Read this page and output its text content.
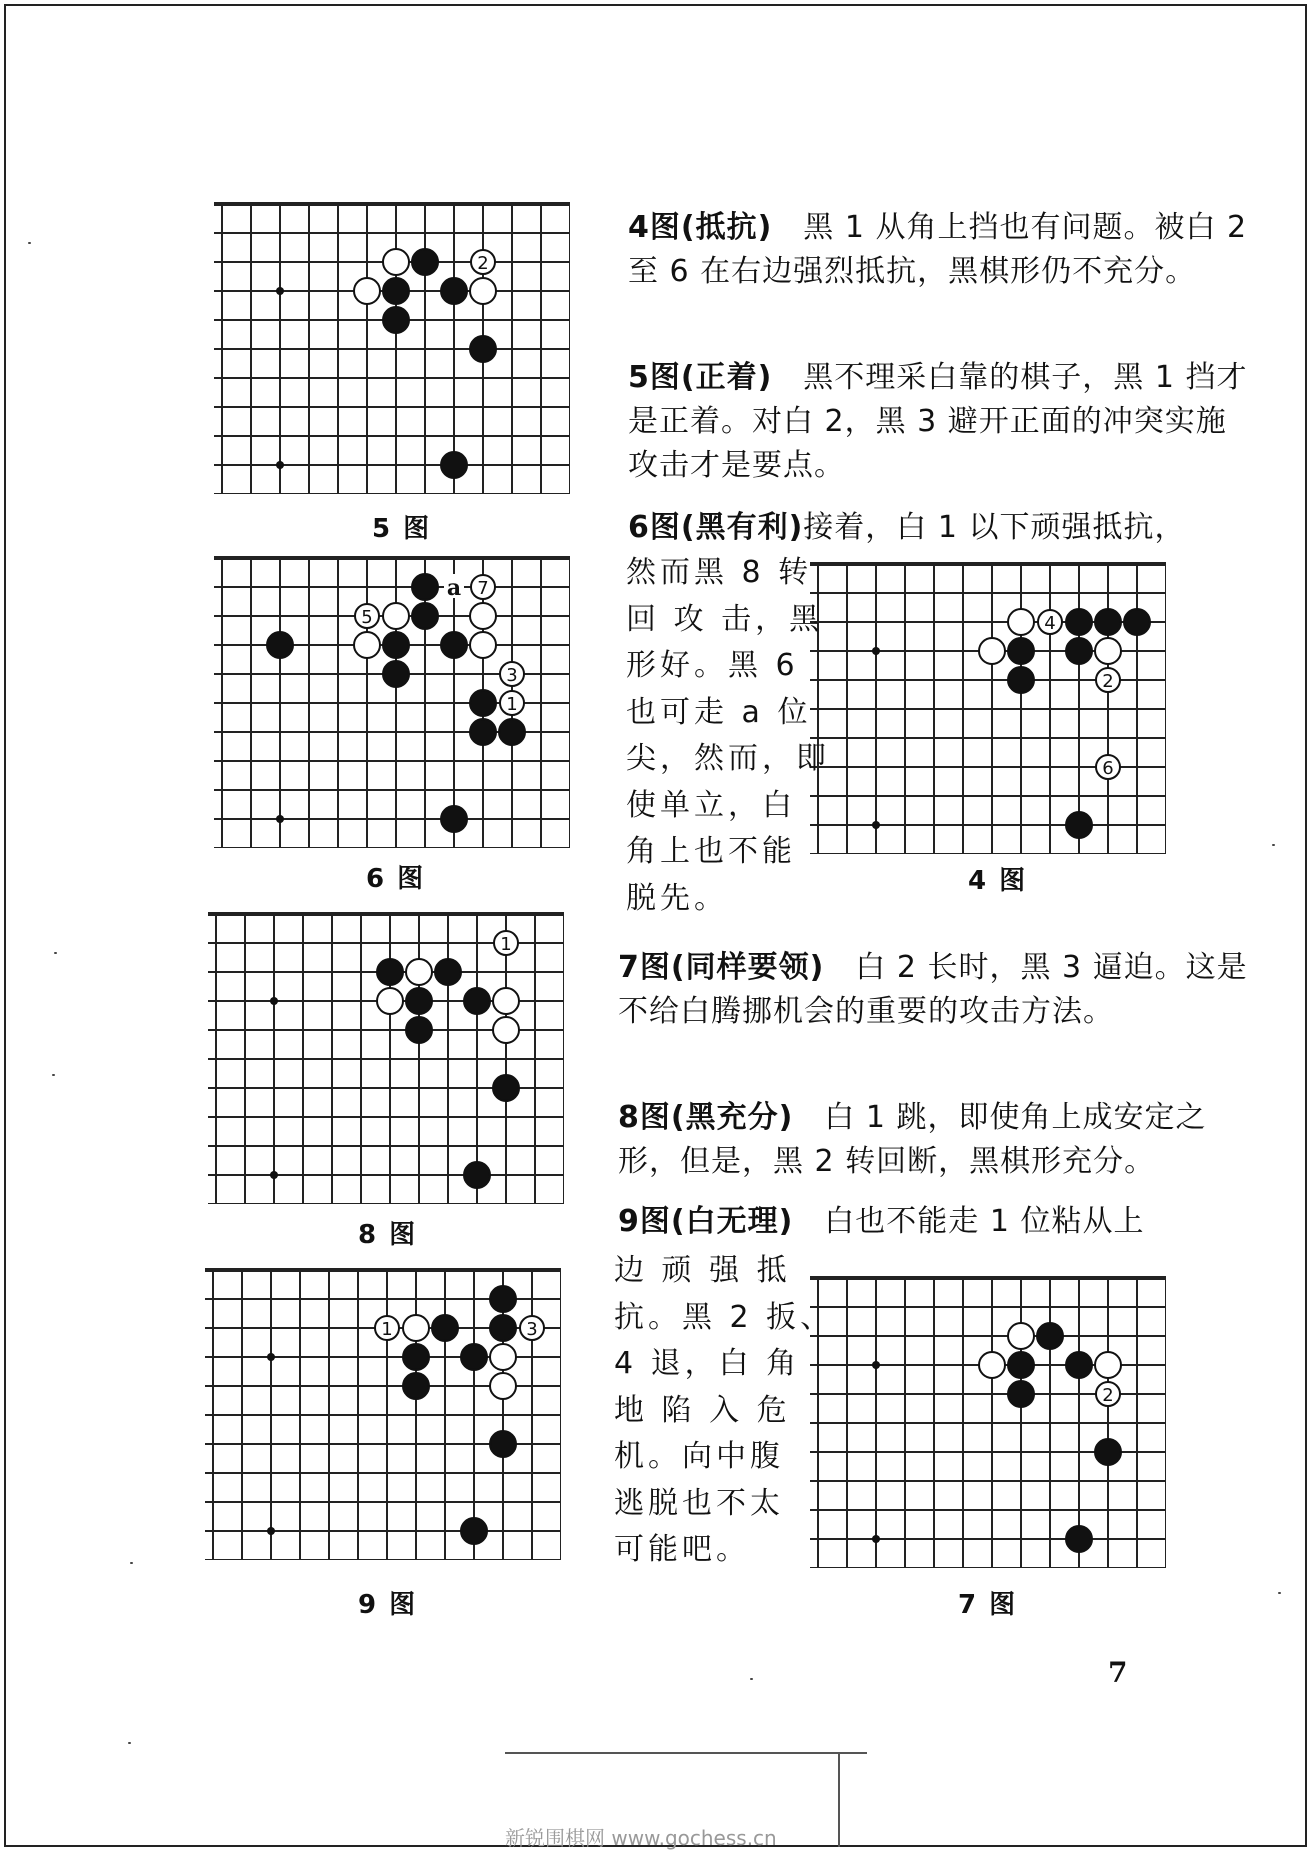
2
5 图
a 7
5
3
1
6 图
1
8 图
1	3
9 图
4
2
6
4 图
2
7 图
4图(抵抗)　黑 1 从角上挡也有问题。被白 2 至 6 在右边强烈抵抗，黑棋形仍不充分。
5图(正着)　黑不理采白靠的棋子，黑 1 挡才是正着。对白 2，黑 3 避开正面的冲突实施攻击才是要点。
6图(黑有利)接着，白 1 以下顽强抵抗，
然而黑 8 转
回 攻 击，黑
形好。黑 6
也可走 a 位
尖，然而，即
使单立，白
角上也不能
脱先。
7图(同样要领)　白 2 长时，黑 3 逼迫。这是不给白腾挪机会的重要的攻击方法。
8图(黑充分)　白 1 跳，即使角上成安定之形，但是，黑 2 转回断，黑棋形充分。
9图(白无理)　白也不能走 1 位粘从上
边 顽 强 抵
抗。黑 2 扳、
4 退，白 角
地 陷 入 危
机。向中腹
逃脱也不太
可能吧。
7
新锐围棋网 www.gochess.cn
